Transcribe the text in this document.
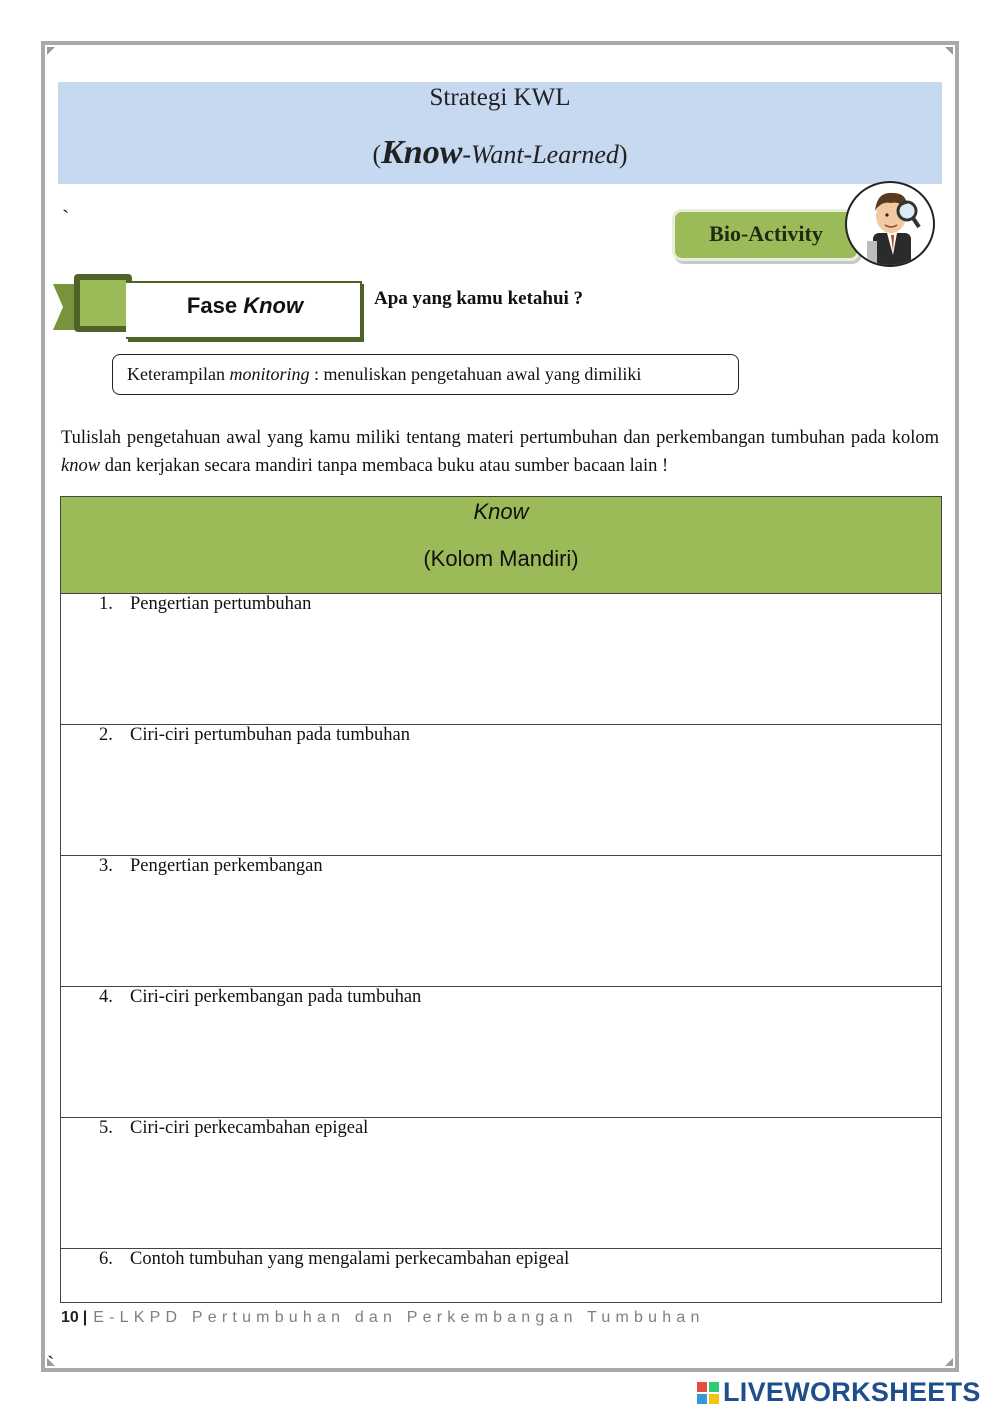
Strategi KWL
(Know-Want-Learned)
`
`
Bio-Activity
Fase Know	Apa yang kamu ketahui ?
Keterampilan monitoring : menuliskan pengetahuan awal yang dimiliki
Tulislah pengetahuan awal yang kamu miliki tentang materi pertumbuhan dan perkembangan tumbuhan pada kolom know dan kerjakan secara mandiri tanpa membaca buku atau sumber bacaan lain !
Know
(Kolom Mandiri)
1. Pengertian pertumbuhan
2. Ciri-ciri pertumbuhan pada tumbuhan
3. Pengertian perkembangan
4. Ciri-ciri perkembangan pada tumbuhan
5. Ciri-ciri perkecambahan epigeal
6. Contoh tumbuhan yang mengalami perkecambahan epigeal
10 | E-LKPD Pertumbuhan dan Perkembangan Tumbuhan
LIVEWORKSHEETS
